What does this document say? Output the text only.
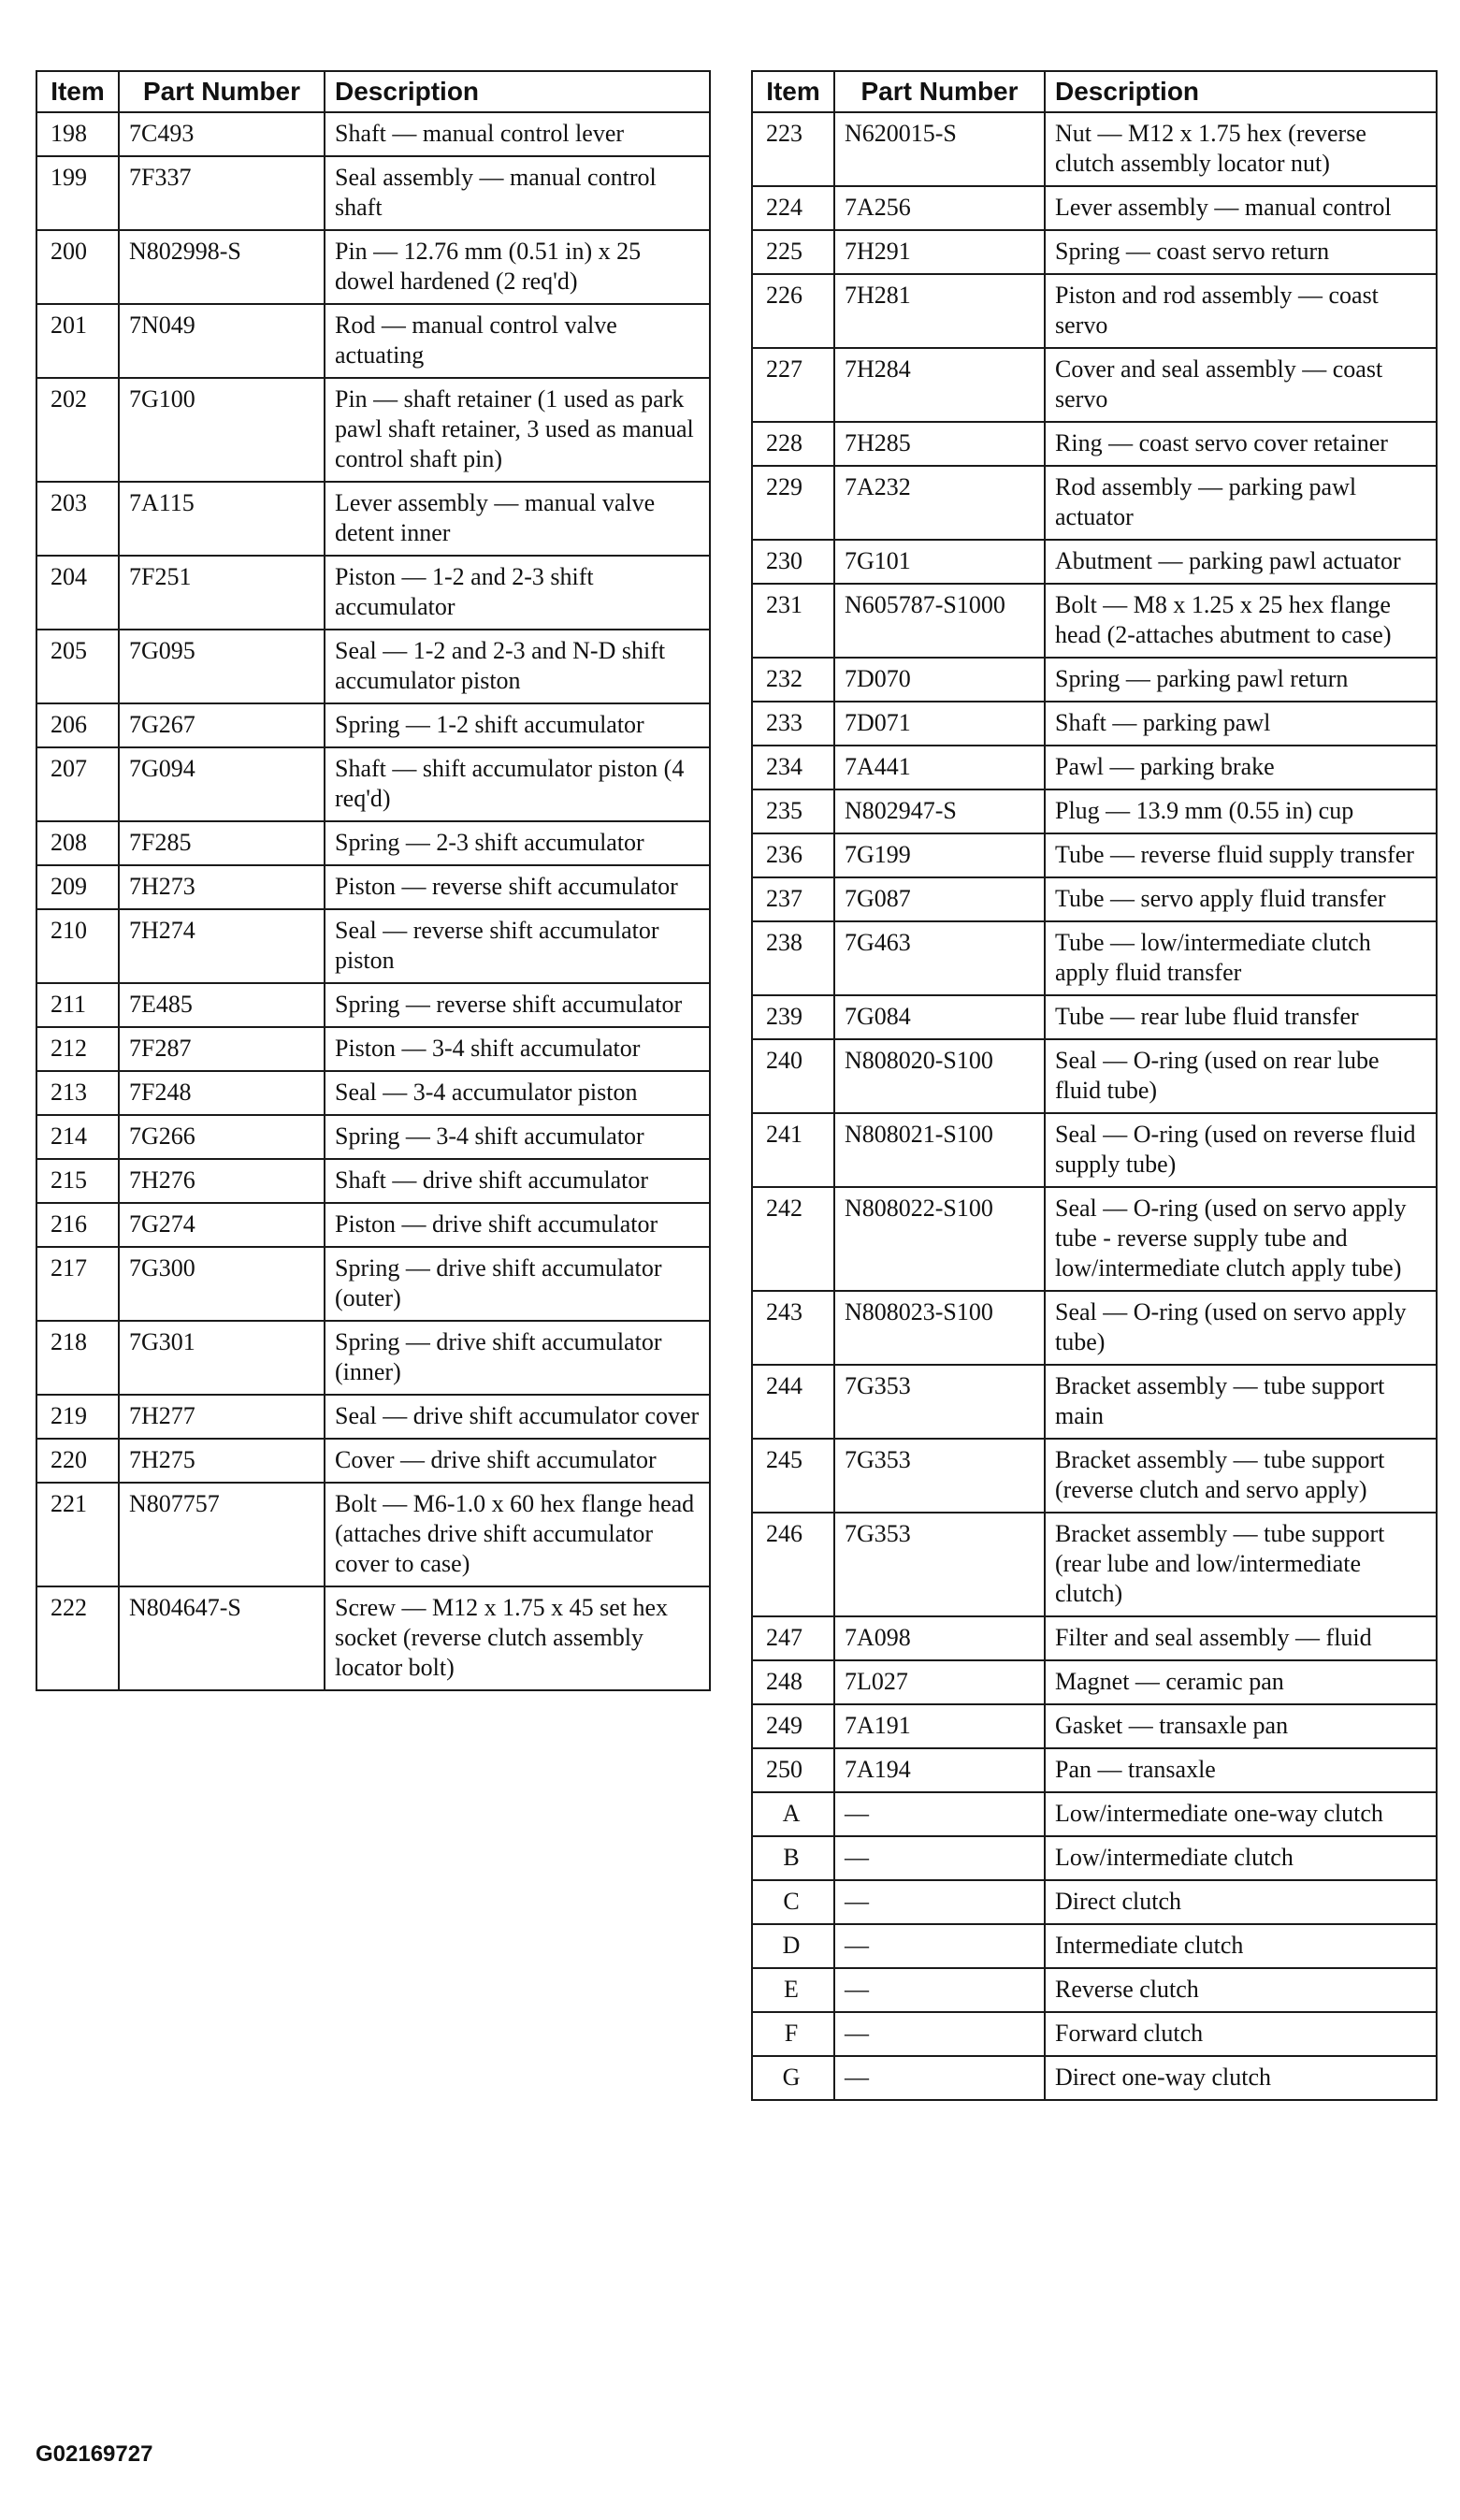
Item	Part Number	Description
198	7C493	Shaft — manual control lever
199	7F337	Seal assembly — manual control shaft
200	N802998-S	Pin — 12.76 mm (0.51 in) x 25 dowel hardened (2 req'd)
201	7N049	Rod — manual control valve actuating
202	7G100	Pin — shaft retainer (1 used as park pawl shaft retainer, 3 used as manual control shaft pin)
203	7A115	Lever assembly — manual valve detent inner
204	7F251	Piston — 1-2 and 2-3 shift accumulator
205	7G095	Seal — 1-2 and 2-3 and N-D shift accumulator piston
206	7G267	Spring — 1-2 shift accumulator
207	7G094	Shaft — shift accumulator piston (4 req'd)
208	7F285	Spring — 2-3 shift accumulator
209	7H273	Piston — reverse shift accumulator
210	7H274	Seal — reverse shift accumulator piston
211	7E485	Spring — reverse shift accumulator
212	7F287	Piston — 3-4 shift accumulator
213	7F248	Seal — 3-4 accumulator piston
214	7G266	Spring — 3-4 shift accumulator
215	7H276	Shaft — drive shift accumulator
216	7G274	Piston — drive shift accumulator
217	7G300	Spring — drive shift accumulator (outer)
218	7G301	Spring — drive shift accumulator (inner)
219	7H277	Seal — drive shift accumulator cover
220	7H275	Cover — drive shift accumulator
221	N807757	Bolt — M6-1.0 x 60 hex flange head (attaches drive shift accumulator cover to case)
222	N804647-S	Screw — M12 x 1.75 x 45 set hex socket (reverse clutch assembly locator bolt)
Item	Part Number	Description
223	N620015-S	Nut — M12 x 1.75 hex (reverse clutch assembly locator nut)
224	7A256	Lever assembly — manual control
225	7H291	Spring — coast servo return
226	7H281	Piston and rod assembly — coast servo
227	7H284	Cover and seal assembly — coast servo
228	7H285	Ring — coast servo cover retainer
229	7A232	Rod assembly — parking pawl actuator
230	7G101	Abutment — parking pawl actuator
231	N605787-S1000	Bolt — M8 x 1.25 x 25 hex flange head (2-attaches abutment to case)
232	7D070	Spring — parking pawl return
233	7D071	Shaft — parking pawl
234	7A441	Pawl — parking brake
235	N802947-S	Plug — 13.9 mm (0.55 in) cup
236	7G199	Tube — reverse fluid supply transfer
237	7G087	Tube — servo apply fluid transfer
238	7G463	Tube — low/intermediate clutch apply fluid transfer
239	7G084	Tube — rear lube fluid transfer
240	N808020-S100	Seal — O-ring (used on rear lube fluid tube)
241	N808021-S100	Seal — O-ring (used on reverse fluid supply tube)
242	N808022-S100	Seal — O-ring (used on servo apply tube - reverse supply tube and low/intermediate clutch apply tube)
243	N808023-S100	Seal — O-ring (used on servo apply tube)
244	7G353	Bracket assembly — tube support main
245	7G353	Bracket assembly — tube support (reverse clutch and servo apply)
246	7G353	Bracket assembly — tube support (rear lube and low/intermediate clutch)
247	7A098	Filter and seal assembly — fluid
248	7L027	Magnet — ceramic pan
249	7A191	Gasket — transaxle pan
250	7A194	Pan — transaxle
A	—	Low/intermediate one-way clutch
B	—	Low/intermediate clutch
C	—	Direct clutch
D	—	Intermediate clutch
E	—	Reverse clutch
F	—	Forward clutch
G	—	Direct one-way clutch
G02169727
